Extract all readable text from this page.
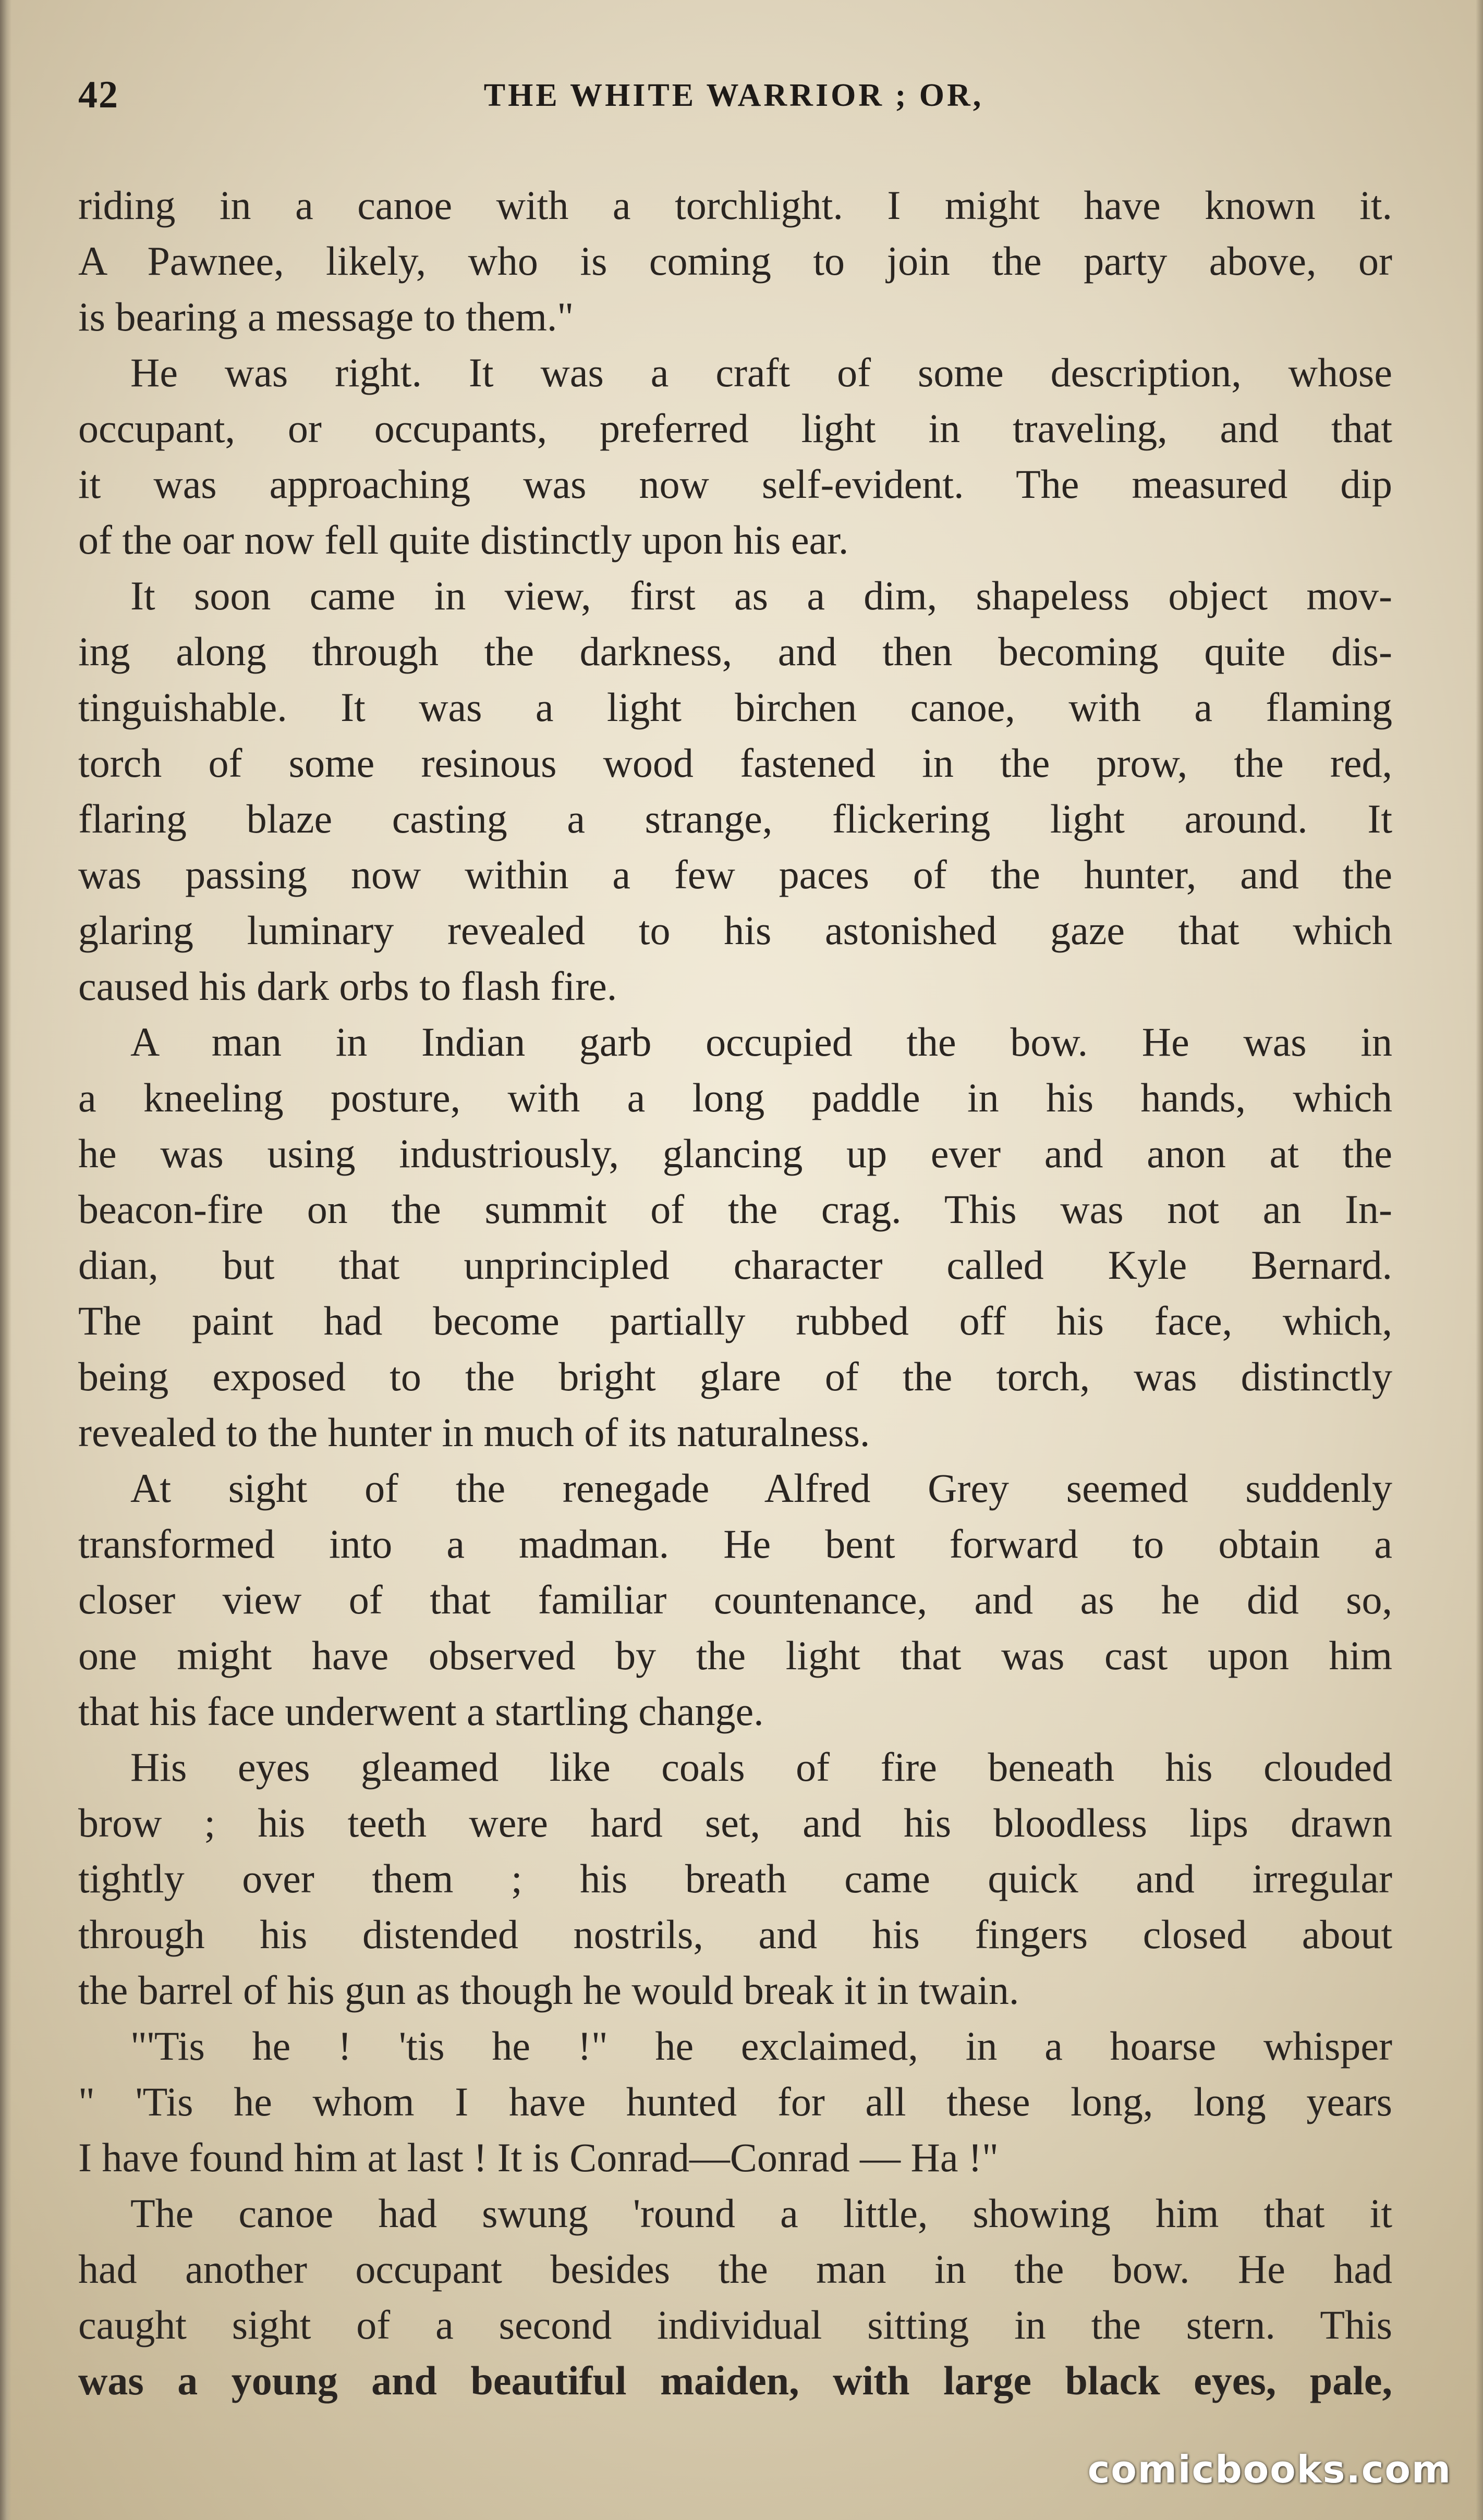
42	THE WHITE WARRIOR ; OR,
riding in a canoe with a torchlight. I might have known it.
A Pawnee, likely, who is coming to join the party above, or
is bearing a message to them."
He was right. It was a craft of some description, whose
occupant, or occupants, preferred light in traveling, and that
it was approaching was now self-evident. The measured dip
of the oar now fell quite distinctly upon his ear.
It soon came in view, first as a dim, shapeless object mov-
ing along through the darkness, and then becoming quite dis-
tinguishable. It was a light birchen canoe, with a flaming
torch of some resinous wood fastened in the prow, the red,
flaring blaze casting a strange, flickering light around. It
was passing now within a few paces of the hunter, and the
glaring luminary revealed to his astonished gaze that which
caused his dark orbs to flash fire.
A man in Indian garb occupied the bow. He was in
a kneeling posture, with a long paddle in his hands, which
he was using industriously, glancing up ever and anon at the
beacon-fire on the summit of the crag. This was not an In-
dian, but that unprincipled character called Kyle Bernard.
The paint had become partially rubbed off his face, which,
being exposed to the bright glare of the torch, was distinctly
revealed to the hunter in much of its naturalness.
At sight of the renegade Alfred Grey seemed suddenly
transformed into a madman. He bent forward to obtain a
closer view of that familiar countenance, and as he did so,
one might have observed by the light that was cast upon him
that his face underwent a startling change.
His eyes gleamed like coals of fire beneath his clouded
brow ; his teeth were hard set, and his bloodless lips drawn
tightly over them ; his breath came quick and irregular
through his distended nostrils, and his fingers closed about
the barrel of his gun as though he would break it in twain.
"'Tis he ! 'tis he !" he exclaimed, in a hoarse whisper
" 'Tis he whom I have hunted for all these long, long years
I have found him at last ! It is Conrad—Conrad — Ha !"
The canoe had swung 'round a little, showing him that it
had another occupant besides the man in the bow. He had
caught sight of a second individual sitting in the stern. This
was a young and beautiful maiden, with large black eyes, pale,
comicbooks.com
